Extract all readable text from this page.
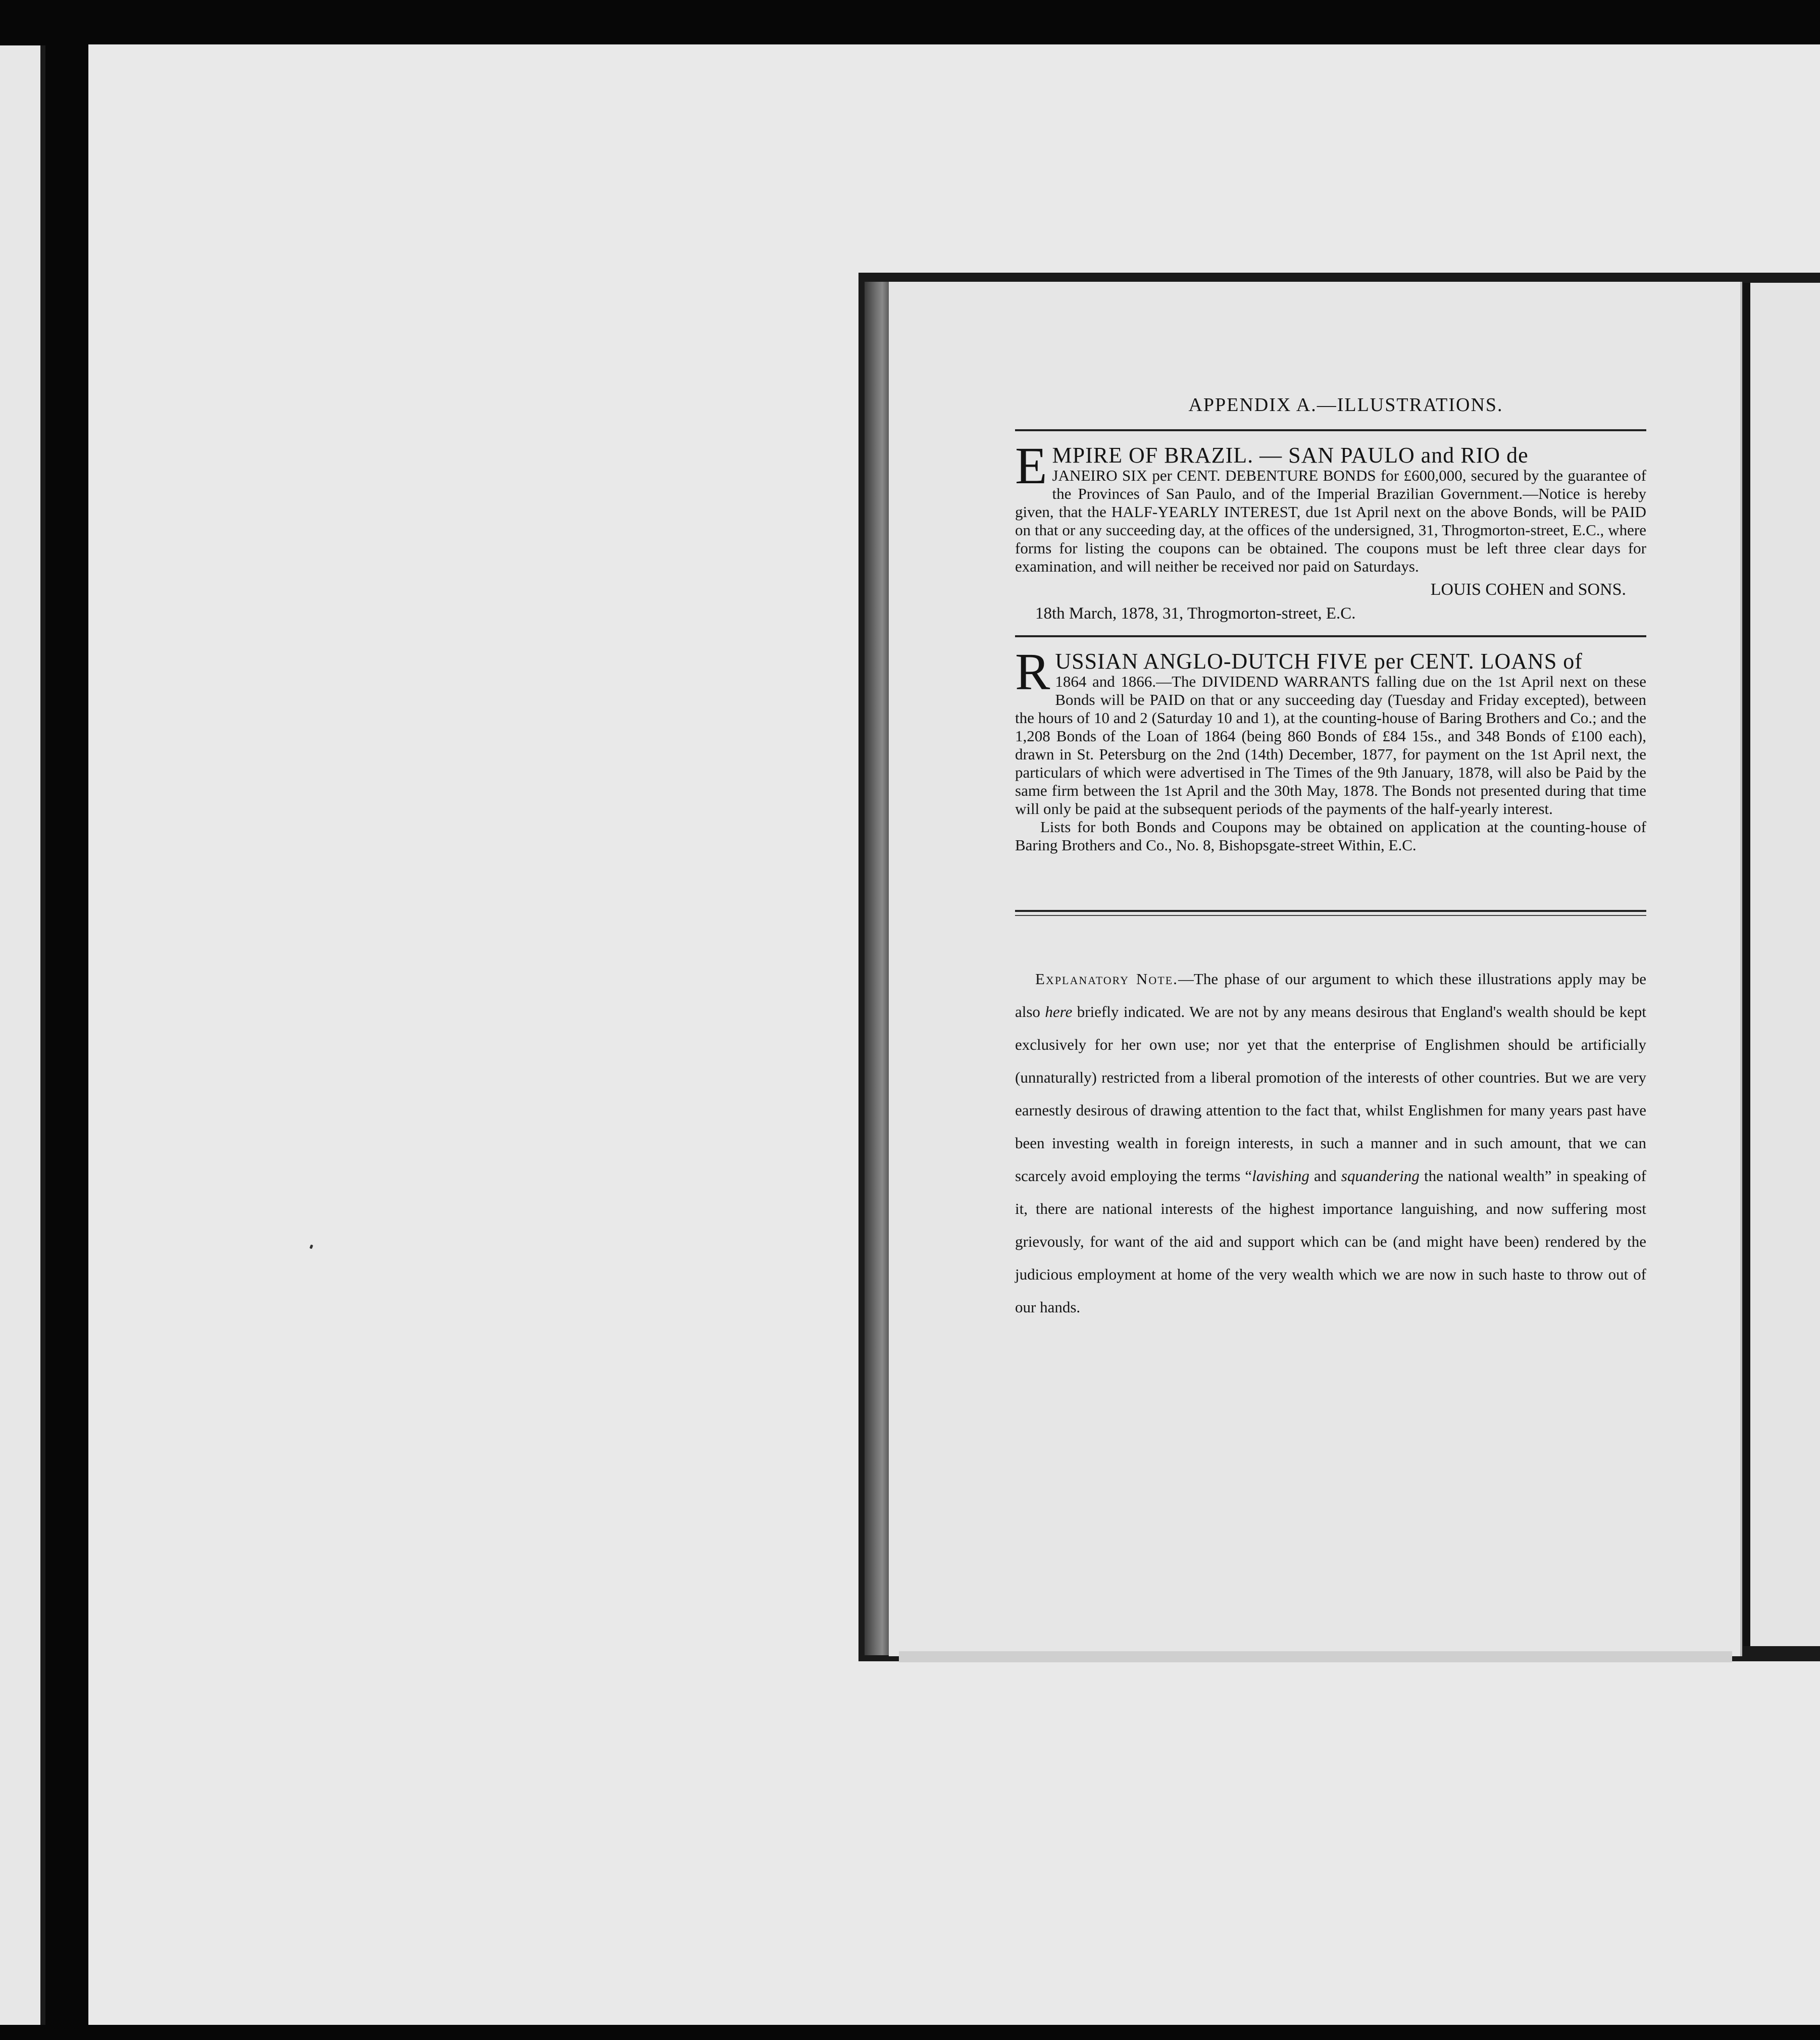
APPENDIX A.—ILLUSTRATIONS.
E MPIRE OF BRAZIL. — SAN PAULO and RIO de
JANEIRO SIX per CENT. DEBENTURE BONDS for £600,000, secured by the guarantee of the Provinces of San Paulo, and of the Imperial Brazilian Government.—Notice is hereby given, that the HALF-YEARLY INTEREST, due 1st April next on the above Bonds, will be PAID on that or any succeeding day, at the offices of the undersigned, 31, Throgmorton-street, E.C., where forms for listing the coupons can be obtained. The coupons must be left three clear days for examination, and will neither be received nor paid on Saturdays.
LOUIS COHEN and SONS.
18th March, 1878, 31, Throgmorton-street, E.C.
R USSIAN ANGLO-DUTCH FIVE per CENT. LOANS of
1864 and 1866.—The DIVIDEND WARRANTS falling due on the 1st April next on these Bonds will be PAID on that or any succeeding day (Tuesday and Friday excepted), between the hours of 10 and 2 (Saturday 10 and 1), at the counting-house of Baring Brothers and Co.; and the 1,208 Bonds of the Loan of 1864 (being 860 Bonds of £84 15s., and 348 Bonds of £100 each), drawn in St. Petersburg on the 2nd (14th) December, 1877, for payment on the 1st April next, the particulars of which were advertised in The Times of the 9th January, 1878, will also be Paid by the same firm between the 1st April and the 30th May, 1878. The Bonds not presented during that time will only be paid at the subsequent periods of the payments of the half-yearly interest.

Lists for both Bonds and Coupons may be obtained on application at the counting-house of Baring Brothers and Co., No. 8, Bishopsgate-street Within, E.C.

Explanatory Note.—The phase of our argument to which these illustrations apply may be also here briefly indicated. We are not by any means desirous that England's wealth should be kept exclusively for her own use; nor yet that the enterprise of Englishmen should be artificially (unnaturally) restricted from a liberal promotion of the interests of other countries. But we are very earnestly desirous of drawing attention to the fact that, whilst Englishmen for many years past have been investing wealth in foreign interests, in such a manner and in such amount, that we can scarcely avoid employing the terms “lavishing and squandering the national wealth” in speaking of it, there are national interests of the highest importance languishing, and now suffering most grievously, for want of the aid and support which can be (and might have been) rendered by the judicious employment at home of the very wealth which we are now in such haste to throw out of our hands.
